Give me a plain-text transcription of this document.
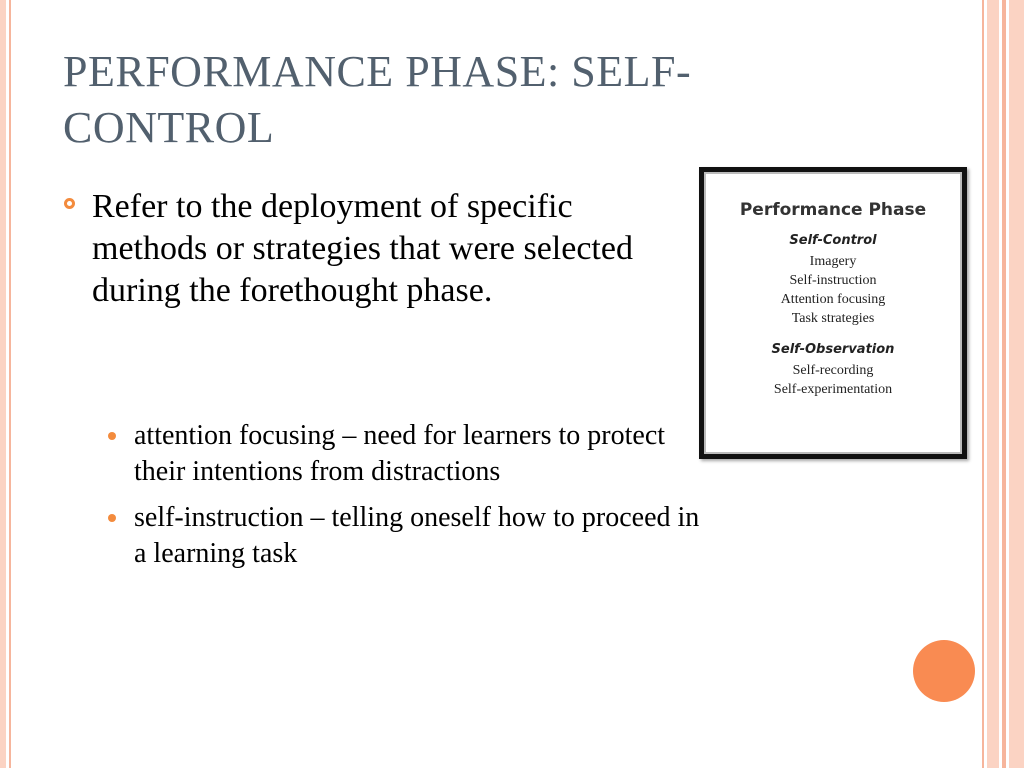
PERFORMANCE PHASE: SELF-CONTROL
Refer to the deployment of specific methods or strategies that were selected during the forethought phase.
attention focusing – need for learners to protect their intentions from distractions
self-instruction – telling oneself how to proceed in a learning task
Performance Phase
Self-Control
Imagery
Self-instruction
Attention focusing
Task strategies
Self-Observation
Self-recording
Self-experimentation
